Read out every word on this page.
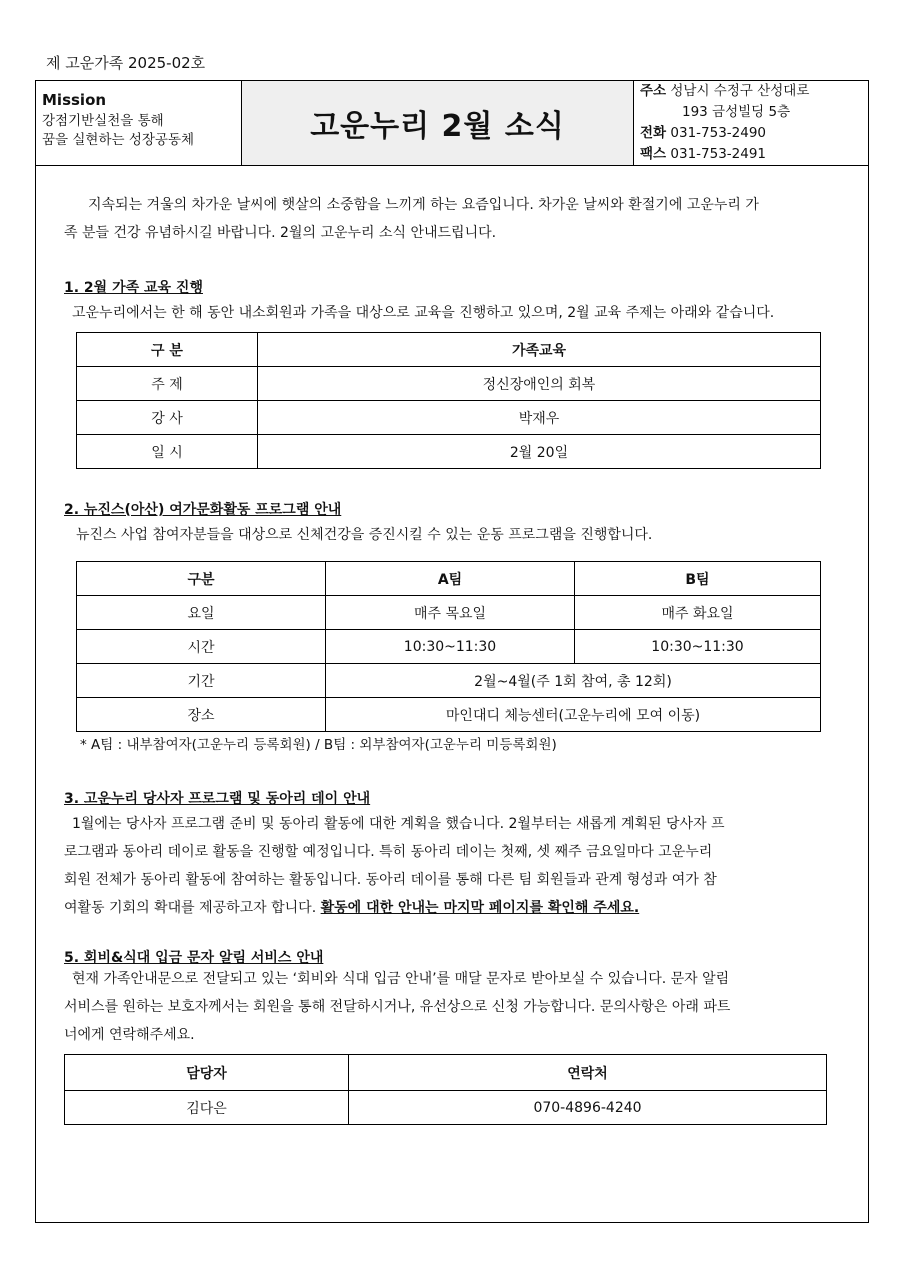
제 고운가족 2025-02호
Mission
강점기반실천을 통해
꿈을 실현하는 성장공동체	고운누리 2월 소식
주소 성남시 수정구 산성대로
193 금성빌딩 5층
전화 031-753-2490
팩스 031-753-2491
지속되는 겨울의 차가운 날씨에 햇살의 소중함을 느끼게 하는 요즘입니다. 차가운 날씨와 환절기에 고운누리 가
족 분들 건강 유념하시길 바랍니다. 2월의 고운누리 소식 안내드립니다.
1. 2월 가족 교육 진행
고운누리에서는 한 해 동안 내소회원과 가족을 대상으로 교육을 진행하고 있으며, 2월 교육 주제는 아래와 같습니다.
구 분	가족교육
주 제	정신장애인의 회복
강 사	박재우
일 시	2월 20일
2. 뉴진스(아산) 여가문화활동 프로그램 안내
뉴진스 사업 참여자분들을 대상으로 신체건강을 증진시킬 수 있는 운동 프로그램을 진행합니다.
구분	A팀	B팀
요일	매주 목요일	매주 화요일
시간	10:30~11:30	10:30~11:30
기간	2월~4월(주 1회 참여, 총 12회)	
장소	마인대디 체능센터(고운누리에 모여 이동)	
* A팀 : 내부참여자(고운누리 등록회원) / B팀 : 외부참여자(고운누리 미등록회원)
3. 고운누리 당사자 프로그램 및 동아리 데이 안내
1월에는 당사자 프로그램 준비 및 동아리 활동에 대한 계획을 했습니다. 2월부터는 새롭게 계획된 당사자 프
로그램과 동아리 데이로 활동을 진행할 예정입니다. 특히 동아리 데이는 첫째, 셋 째주 금요일마다 고운누리
회원 전체가 동아리 활동에 참여하는 활동입니다. 동아리 데이를 통해 다른 팀 회원들과 관계 형성과 여가 참
여활동 기회의 확대를 제공하고자 합니다. 활동에 대한 안내는 마지막 페이지를 확인해 주세요.
5. 회비&식대 입금 문자 알림 서비스 안내
현재 가족안내문으로 전달되고 있는 ‘회비와 식대 입금 안내’를 매달 문자로 받아보실 수 있습니다. 문자 알림
서비스를 원하는 보호자께서는 회원을 통해 전달하시거나, 유선상으로 신청 가능합니다. 문의사항은 아래 파트
너에게 연락해주세요.
담당자	연락처
김다은	070-4896-4240
